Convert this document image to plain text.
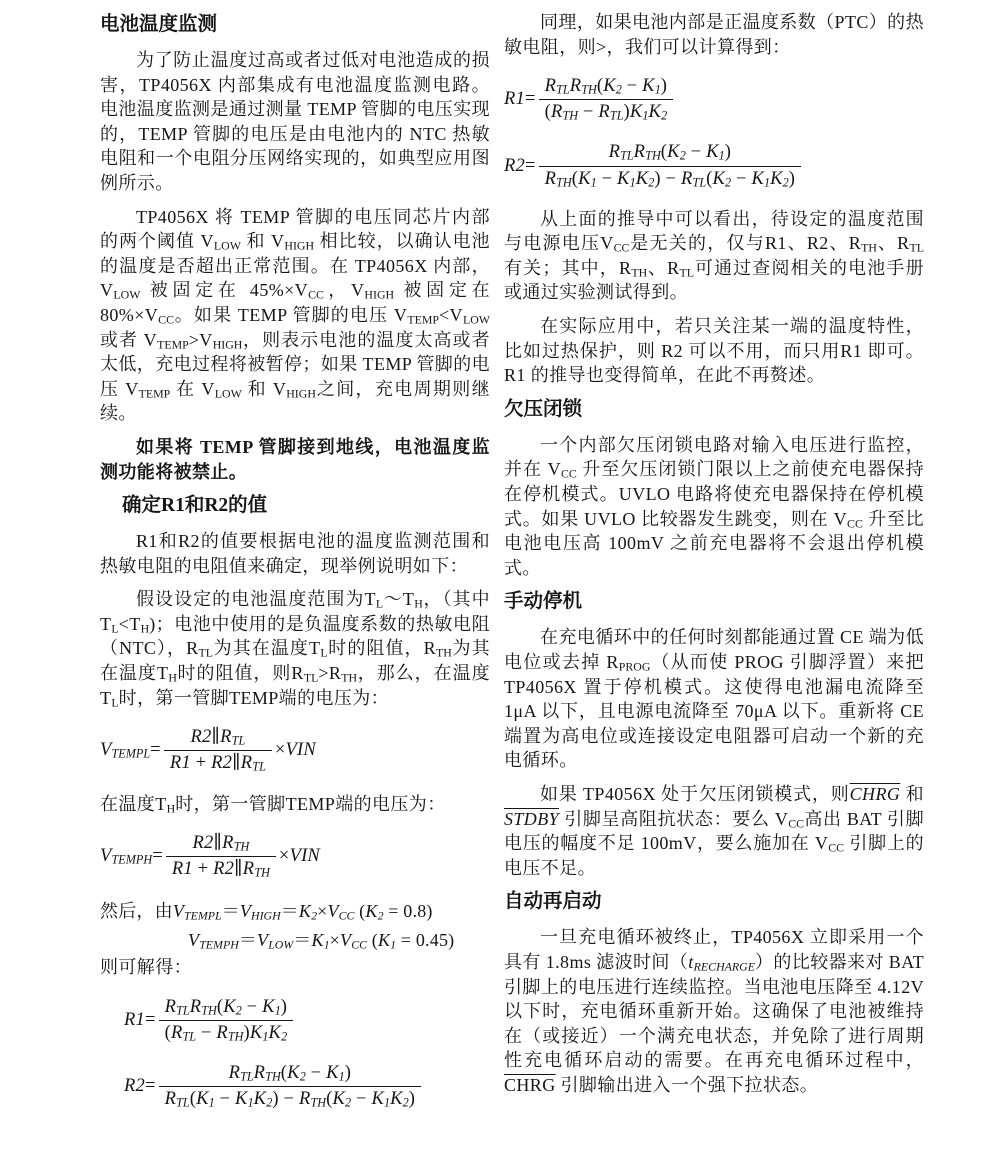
电池温度监测

为了防止温度过高或者过低对电池造成的损害，TP4056X 内部集成有电池温度监测电路。电池温度监测是通过测量 TEMP 管脚的电压实现的，TEMP 管脚的电压是由电池内的 NTC 热敏电阻和一个电阻分压网络实现的，如典型应用图例所示。

TP4056X 将 TEMP 管脚的电压同芯片内部的两个阈值 $V_{LOW}$ 和 $V_{HIGH}$ 相比较，以确认电池的温度是否超出正常范围。在 TP4056X 内部，$V_{LOW}$ 被固定在 $45\%\times V_{CC}$，$V_{HIGH}$ 被固定在 $80\%\times V_{CC}$。如果 TEMP 管脚的电压 $V_{TEMP}<V_{LOW}$ 或者 $V_{TEMP}>V_{HIGH}$，则表示电池的温度太高或者太低，充电过程将被暂停；如果 TEMP 管脚的电压 $V_{TEMP}$ 在 $V_{LOW}$ 和 $V_{HIGH}$之间，充电周期则继续。

如果将 TEMP 管脚接到地线，电池温度监测功能将被禁止。

确定R1和R2的值

R1和R2的值要根据电池的温度监测范围和热敏电阻的电阻值来确定，现举例说明如下：

假设设定的电池温度范围为$T_L\sim T_H$，（其中$T_L<T_H$)；电池中使用的是负温度系数的热敏电阻（NTC），$R_{TL}$为其在温度$T_L$时的阻值，$R_{TH}$为其在温度$T_H$时的阻值，则$R_{TL}>R_{TH}$，那么，在温度$T_L$时，第一管脚TEMP端的电压为：

$V_{TEMPL} = \frac{R2\parallel R_{TL}}{R1 + R2\parallel R_{TL}}$ × VIN

在温度$T_H$时，第一管脚TEMP端的电压为：

$V_{TEMPH} = \frac{R2\parallel R_{TH}}{R1 + R2\parallel R_{TH}}$ × VIN
然后，由$V_{TEMPL}=V_{HIGH}=K_2\times V_{CC}$ $(K_2 = 0.8)$
$V_{TEMPH}=V_{LOW}=K_1\times V_{CC}$ $(K_1 = 0.45)$

则可解得：

$R1 = \frac{R_{TL}R_{TH}(K_2 - K_1)}{(R_{TL} - R_{TH})K_1K_2}$
$R2 = \frac{R_{TL}R_{TH}(K_2 - K_1)}{R_{TL}(K_1 - K_1K_2) - R_{TH}(K_2 - K_1K_2)}$

同理，如果电池内部是正温度系数（PTC）的热敏电阻，则>，我们可以计算得到：

$R1 = \frac{R_{TL}R_{TH}(K_2 - K_1)}{(R_{TH} - R_{TL})K_1K_2}$
$R2 = \frac{R_{TL}R_{TH}(K_2 - K_1)}{R_{TH}(K_1 - K_1K_2) - R_{TL}(K_2 - K_1K_2)}$

从上面的推导中可以看出，待设定的温度范围与电源电压$V_{CC}$是无关的，仅与R1、R2、$R_{TH}$、$R_{TL}$有关；其中，$R_{TH}$、$R_{TL}$可通过查阅相关的电池手册或通过实验测试得到。

在实际应用中，若只关注某一端的温度特性，比如过热保护，则 R2 可以不用，而只用R1 即可。R1 的推导也变得简单，在此不再赘述。

欠压闭锁

一个内部欠压闭锁电路对输入电压进行监控，并在 $V_{CC}$ 升至欠压闭锁门限以上之前使充电器保持在停机模式。UVLO 电路将使充电器保持在停机模式。如果 UVLO 比较器发生跳变，则在 $V_{CC}$ 升至比电池电压高 100mV 之前充电器将不会退出停机模式。

手动停机

在充电循环中的任何时刻都能通过置 CE 端为低电位或去掉 $R_{PROG}$（从而使 PROG 引脚浮置）来把 TP4056X 置于停机模式。这使得电池漏电流降至 1μA 以下，且电源电流降至 70μA 以下。重新将 CE 端置为高电位或连接设定电阻器可启动一个新的充电循环。

如果 TP4056X 处于欠压闭锁模式，则CHRG 和 STDBY 引脚呈高阻抗状态：要么 $V_{CC}$高出 BAT 引脚电压的幅度不足 100mV，要么施加在 $V_{CC}$ 引脚上的电压不足。

自动再启动

一旦充电循环被终止，TP4056X 立即采用一个具有 1.8ms 滤波时间$(t_{RECHARGE})$的比较器来对 BAT 引脚上的电压进行连续监控。当电池电压降至 4.12V 以下时，充电循环重新开始。这确保了电池被维持在（或接近）一个满充电状态，并免除了进行周期性充电循环启动的需要。在再充电循环过程中，CHRG 引脚输出进入一个强下拉状态。
